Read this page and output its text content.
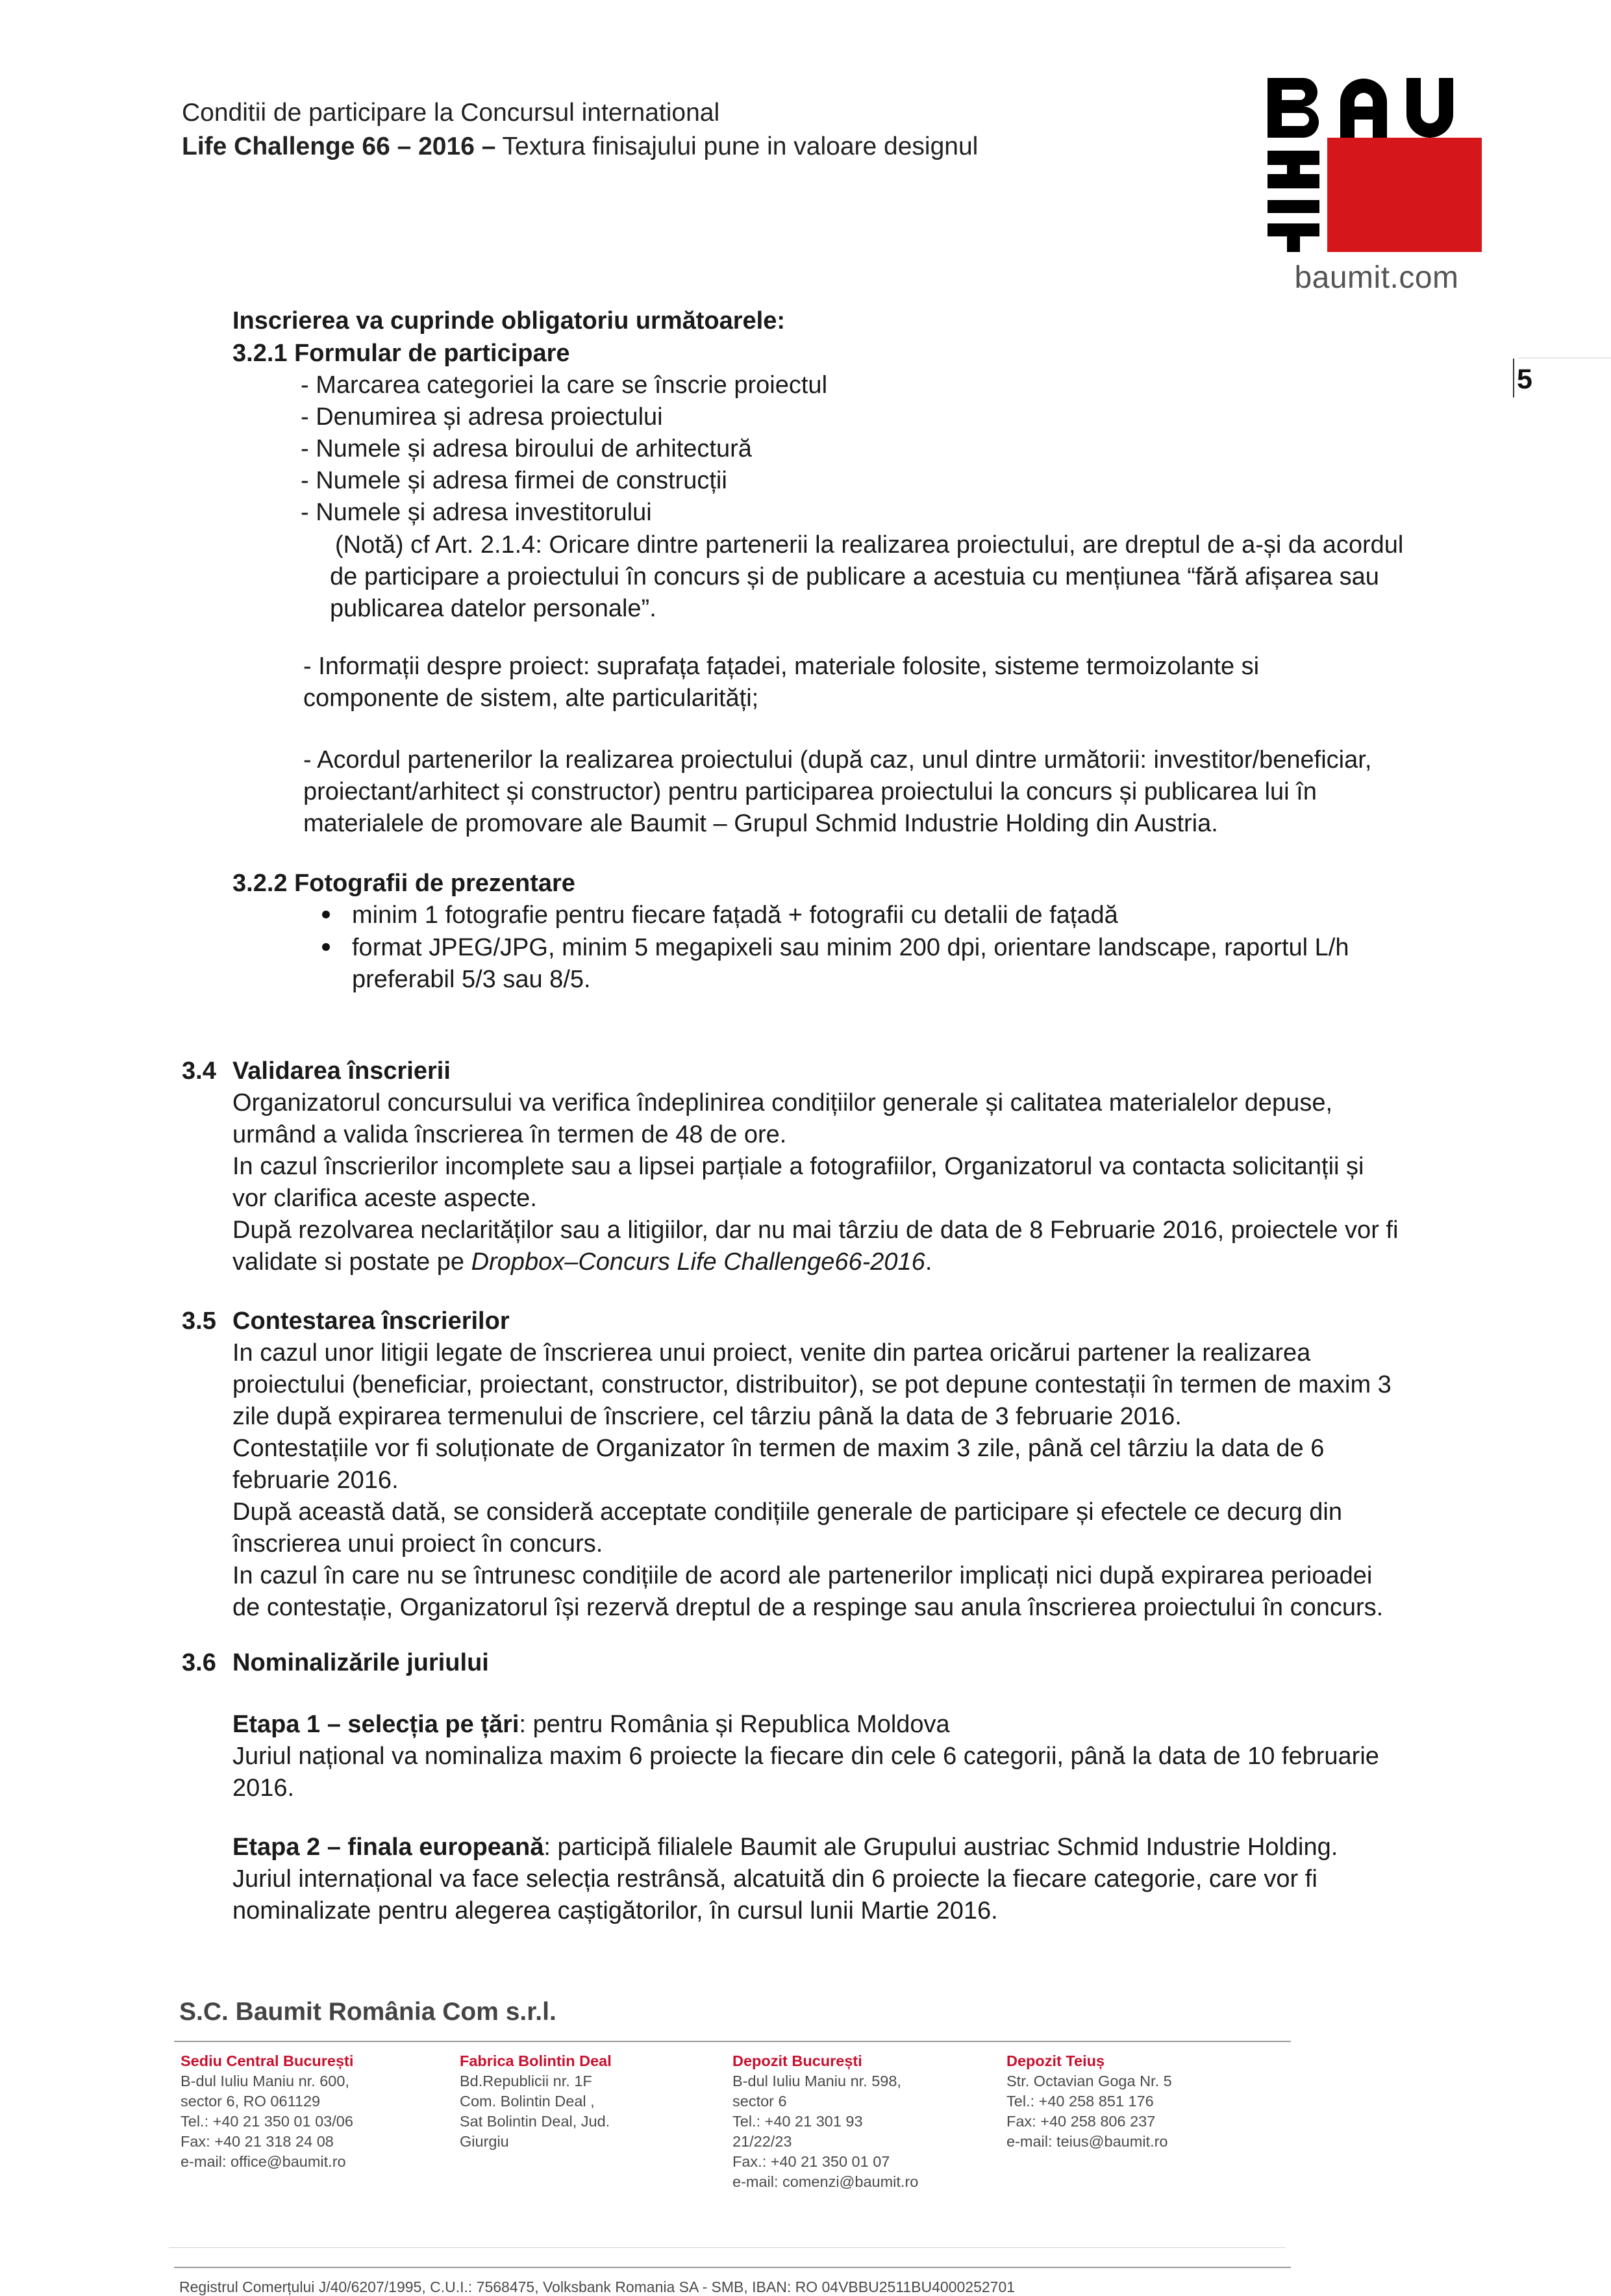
Conditii de participare la Concursul international
Life Challenge 66 – 2016 – Textura finisajului pune in valoare designul
baumit.com
5
Inscrierea va cuprinde obligatoriu următoarele:
3.2.1 Formular de participare
- Marcarea categoriei la care se înscrie proiectul
- Denumirea și adresa proiectului
- Numele și adresa biroului de arhitectură
- Numele și adresa firmei de construcții
- Numele și adresa investitorului
(Notă) cf Art. 2.1.4: Oricare dintre partenerii la realizarea proiectului, are dreptul de a-și da acordul
de participare a proiectului în concurs și de publicare a acestuia cu mențiunea “fără afișarea sau
publicarea datelor personale”.
- Informații despre proiect: suprafața fațadei, materiale folosite, sisteme termoizolante si
componente de sistem, alte particularități;
- Acordul partenerilor la realizarea proiectului (după caz, unul dintre următorii: investitor/beneficiar,
proiectant/arhitect și constructor) pentru participarea proiectului la concurs și publicarea lui în
materialele de promovare ale Baumit – Grupul Schmid Industrie Holding din Austria.
3.2.2 Fotografii de prezentare
minim 1 fotografie pentru fiecare fațadă + fotografii cu detalii de fațadă
format JPEG/JPG, minim 5 megapixeli sau minim 200 dpi, orientare landscape, raportul L/h
preferabil 5/3 sau 8/5.
3.4 Validarea înscrierii
Organizatorul concursului va verifica îndeplinirea condițiilor generale și calitatea materialelor depuse,
urmând a valida înscrierea în termen de 48 de ore.
In cazul înscrierilor incomplete sau a lipsei parțiale a fotografiilor, Organizatorul va contacta solicitanții și
vor clarifica aceste aspecte.
După rezolvarea neclarităților sau a litigiilor, dar nu mai târziu de data de 8 Februarie 2016, proiectele vor fi
validate si postate pe Dropbox–Concurs Life Challenge66-2016.
3.5 Contestarea înscrierilor
In cazul unor litigii legate de înscrierea unui proiect, venite din partea oricărui partener la realizarea
proiectului (beneficiar, proiectant, constructor, distribuitor), se pot depune contestații în termen de maxim 3
zile după expirarea termenului de înscriere, cel târziu până la data de 3 februarie 2016.
Contestațiile vor fi soluționate de Organizator în termen de maxim 3 zile, până cel târziu la data de 6
februarie 2016.
După această dată, se consideră acceptate condițiile generale de participare și efectele ce decurg din
înscrierea unui proiect în concurs.
In cazul în care nu se întrunesc condițiile de acord ale partenerilor implicați nici după expirarea perioadei
de contestație, Organizatorul își rezervă dreptul de a respinge sau anula înscrierea proiectului în concurs.
3.6 Nominalizările juriului
Etapa 1 – selecția pe țări: pentru România și Republica Moldova
Juriul național va nominaliza maxim 6 proiecte la fiecare din cele 6 categorii, până la data de 10 februarie
2016.
Etapa 2 – finala europeană: participă filialele Baumit ale Grupului austriac Schmid Industrie Holding.
Juriul internațional va face selecția restrânsă, alcatuită din 6 proiecte la fiecare categorie, care vor fi
nominalizate pentru alegerea caștigătorilor, în cursul lunii Martie 2016.
S.C. Baumit România Com s.r.l.
Sediu Central București
B-dul Iuliu Maniu nr. 600,
sector 6, RO 061129
Tel.: +40 21 350 01 03/06
Fax: +40 21 318 24 08
e-mail: office@baumit.ro
Fabrica Bolintin Deal
Bd.Republicii nr. 1F
Com. Bolintin Deal ,
Sat Bolintin Deal, Jud.
Giurgiu
Depozit București
B-dul Iuliu Maniu nr. 598,
sector 6
Tel.: +40 21 301 93
21/22/23
Fax.: +40 21 350 01 07
e-mail: comenzi@baumit.ro
Depozit Teiuș
Str. Octavian Goga Nr. 5
Tel.: +40 258 851 176
Fax: +40 258 806 237
e-mail: teius@baumit.ro
Registrul Comerțului J/40/6207/1995, C.U.I.: 7568475, Volksbank Romania SA - SMB, IBAN: RO 04VBBU2511BU4000252701
